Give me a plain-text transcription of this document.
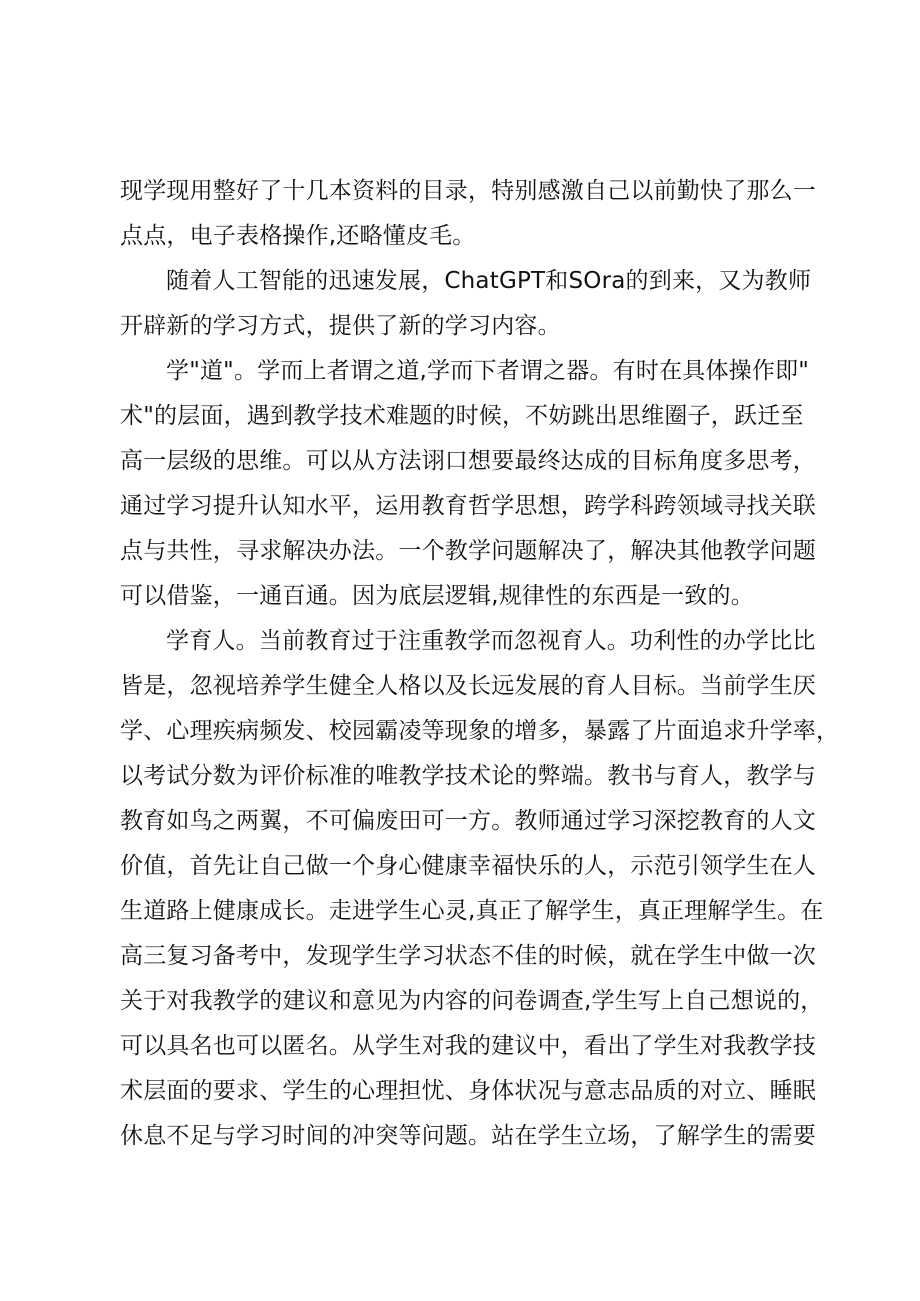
现学现用整好了十几本资料的目录，特别感激自己以前勤快了那么一
点点，电子表格操作,还略懂皮毛。
随着人工智能的迅速发展，ChatGPT和SOra的到来，又为教师
开辟新的学习方式，提供了新的学习内容。
学"道"。学而上者谓之道,学而下者谓之器。有时在具体操作即"
术"的层面，遇到教学技术难题的时候，不妨跳出思维圈子，跃迁至
高一层级的思维。可以从方法诩口想要最终达成的目标角度多思考，
通过学习提升认知水平，运用教育哲学思想，跨学科跨领域寻找关联
点与共性，寻求解决办法。一个教学问题解决了，解决其他教学问题
可以借鉴，一通百通。因为底层逻辑,规律性的东西是一致的。
学育人。当前教育过于注重教学而忽视育人。功利性的办学比比
皆是，忽视培养学生健全人格以及长远发展的育人目标。当前学生厌
学、心理疾病频发、校园霸凌等现象的增多，暴露了片面追求升学率，
以考试分数为评价标准的唯教学技术论的弊端。教书与育人，教学与
教育如鸟之两翼，不可偏废田可一方。教师通过学习深挖教育的人文
价值，首先让自己做一个身心健康幸福快乐的人，示范引领学生在人
生道路上健康成长。走进学生心灵,真正了解学生，真正理解学生。在
高三复习备考中，发现学生学习状态不佳的时候，就在学生中做一次
关于对我教学的建议和意见为内容的问卷调查,学生写上自己想说的，
可以具名也可以匿名。从学生对我的建议中，看出了学生对我教学技
术层面的要求、学生的心理担忧、身体状况与意志品质的对立、睡眠
休息不足与学习时间的冲突等问题。站在学生立场，了解学生的需要
